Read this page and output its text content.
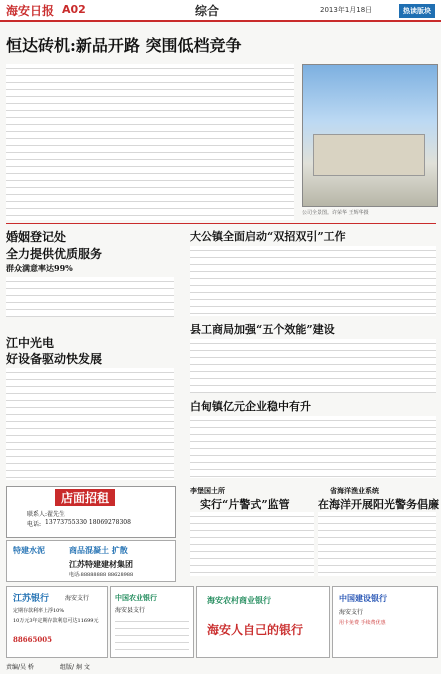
海安日报 A02	综合	2013年1月18日	热读版块
恒达砖机:新品开路 突围低档竞争
公司全景图。许荣华 王辉华摄
婚姻登记处
全力提供优质服务
群众满意率达99%
大公镇全面启动“双招双引”工作
县工商局加强“五个效能”建设
白甸镇亿元企业稳中有升
江中光电
好设备驱动快发展
店面招租
联系人:翟先生
电话: 13773755330 18069278308
特建水泥	商品混凝土 扩散
江苏特建建材集团
电话:88888888 88628988
李堡国土所
实行“片警式”监管
省海洋渔业系统
在海洋开展阳光警务倡廉
江苏银行	海安支行
定期存款利率上浮10%
10万元3年定期存款利息可达11699元
88665005
中国农业银行
海安县支行
海安农村商业银行
海安人自己的银行
中国建设银行
海安支行
用卡免费 手续费优惠
责编/吴 桥	组版/ 炯 文
